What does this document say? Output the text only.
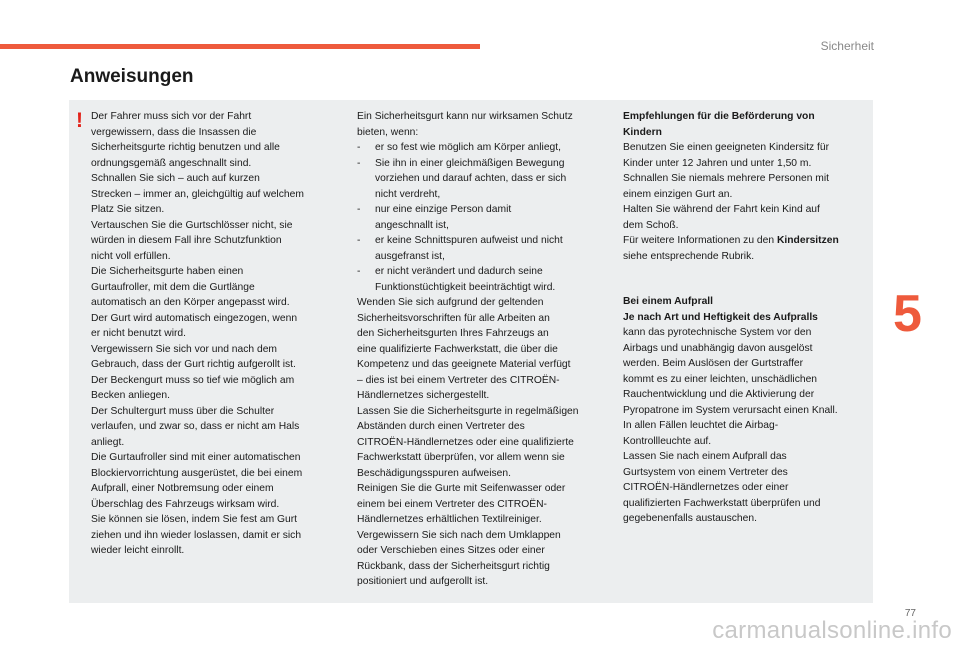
Sicherheit
Anweisungen
! Der Fahrer muss sich vor der Fahrt

vergewissern, dass die Insassen die

Sicherheitsgurte richtig benutzen und alle

ordnungsgemäß angeschnallt sind.

Schnallen Sie sich – auch auf kurzen

Strecken – immer an, gleichgültig auf welchem

Platz Sie sitzen.

Vertauschen Sie die Gurtschlösser nicht, sie

würden in diesem Fall ihre Schutzfunktion

nicht voll erfüllen.

Die Sicherheitsgurte haben einen

Gurtaufroller, mit dem die Gurtlänge

automatisch an den Körper angepasst wird.

Der Gurt wird automatisch eingezogen, wenn

er nicht benutzt wird.

Vergewissern Sie sich vor und nach dem

Gebrauch, dass der Gurt richtig aufgerollt ist.

Der Beckengurt muss so tief wie möglich am

Becken anliegen.

Der Schultergurt muss über die Schulter

verlaufen, und zwar so, dass er nicht am Hals

anliegt.

Die Gurtaufroller sind mit einer automatischen

Blockiervorrichtung ausgerüstet, die bei einem

Aufprall, einer Notbremsung oder einem

Überschlag des Fahrzeugs wirksam wird.

Sie können sie lösen, indem Sie fest am Gurt

ziehen und ihn wieder loslassen, damit er sich

wieder leicht einrollt.

Ein Sicherheitsgurt kann nur wirksamen Schutz

bieten, wenn:

-	er so fest wie möglich am Körper anliegt,
-	Sie ihn in einer gleichmäßigen Bewegung
vorziehen und darauf achten, dass er sich
nicht verdreht,
-	nur eine einzige Person damit
angeschnallt ist,
-	er keine Schnittspuren aufweist und nicht
ausgefranst ist,
-	er nicht verändert und dadurch seine
Funktionstüchtigkeit beeinträchtigt wird.

Wenden Sie sich aufgrund der geltenden

Sicherheitsvorschriften für alle Arbeiten an

den Sicherheitsgurten Ihres Fahrzeugs an

eine qualifizierte Fachwerkstatt, die über die

Kompetenz und das geeignete Material verfügt

– dies ist bei einem Vertreter des CITROËN-

Händlernetzes sichergestellt.

Lassen Sie die Sicherheitsgurte in regelmäßigen

Abständen durch einen Vertreter des

CITROËN-Händlernetzes oder eine qualifizierte

Fachwerkstatt überprüfen, vor allem wenn sie

Beschädigungsspuren aufweisen.

Reinigen Sie die Gurte mit Seifenwasser oder

einem bei einem Vertreter des CITROËN-

Händlernetzes erhältlichen Textilreiniger.

Vergewissern Sie sich nach dem Umklappen

oder Verschieben eines Sitzes oder einer

Rückbank, dass der Sicherheitsgurt richtig

positioniert und aufgerollt ist.

Empfehlungen für die Beförderung von

Kindern

Benutzen Sie einen geeigneten Kindersitz für

Kinder unter 12 Jahren und unter 1,50 m.

Schnallen Sie niemals mehrere Personen mit

einem einzigen Gurt an.

Halten Sie während der Fahrt kein Kind auf

dem Schoß.

Für weitere Informationen zu den Kindersitzen

siehe entsprechende Rubrik.

Bei einem Aufprall

Je nach Art und Heftigkeit des Aufpralls

kann das pyrotechnische System vor den

Airbags und unabhängig davon ausgelöst

werden. Beim Auslösen der Gurtstraffer

kommt es zu einer leichten, unschädlichen

Rauchentwicklung und die Aktivierung der

Pyropatrone im System verursacht einen Knall.

In allen Fällen leuchtet die Airbag-

Kontrollleuchte auf.

Lassen Sie nach einem Aufprall das

Gurtsystem von einem Vertreter des

CITROËN-Händlernetzes oder einer

qualifizierten Fachwerkstatt überprüfen und

gegebenenfalls austauschen.

5
77
carmanualsonline.info
